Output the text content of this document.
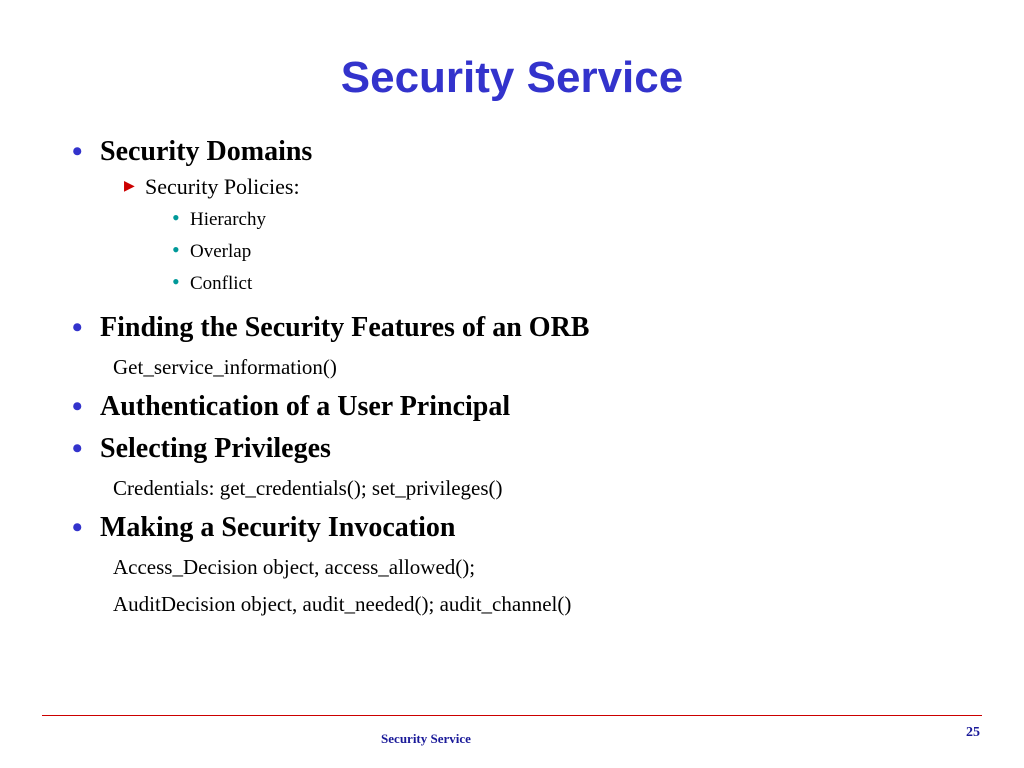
Security Service
• Security Domains
▶ Security Policies:
• Hierarchy
• Overlap
• Conflict
• Finding the Security Features of an ORB
Get_service_information()
• Authentication of a User Principal
• Selecting Privileges
Credentials: get_credentials(); set_privileges()
• Making a Security Invocation
Access_Decision object, access_allowed();
AuditDecision object, audit_needed(); audit_channel()
Security Service	25
